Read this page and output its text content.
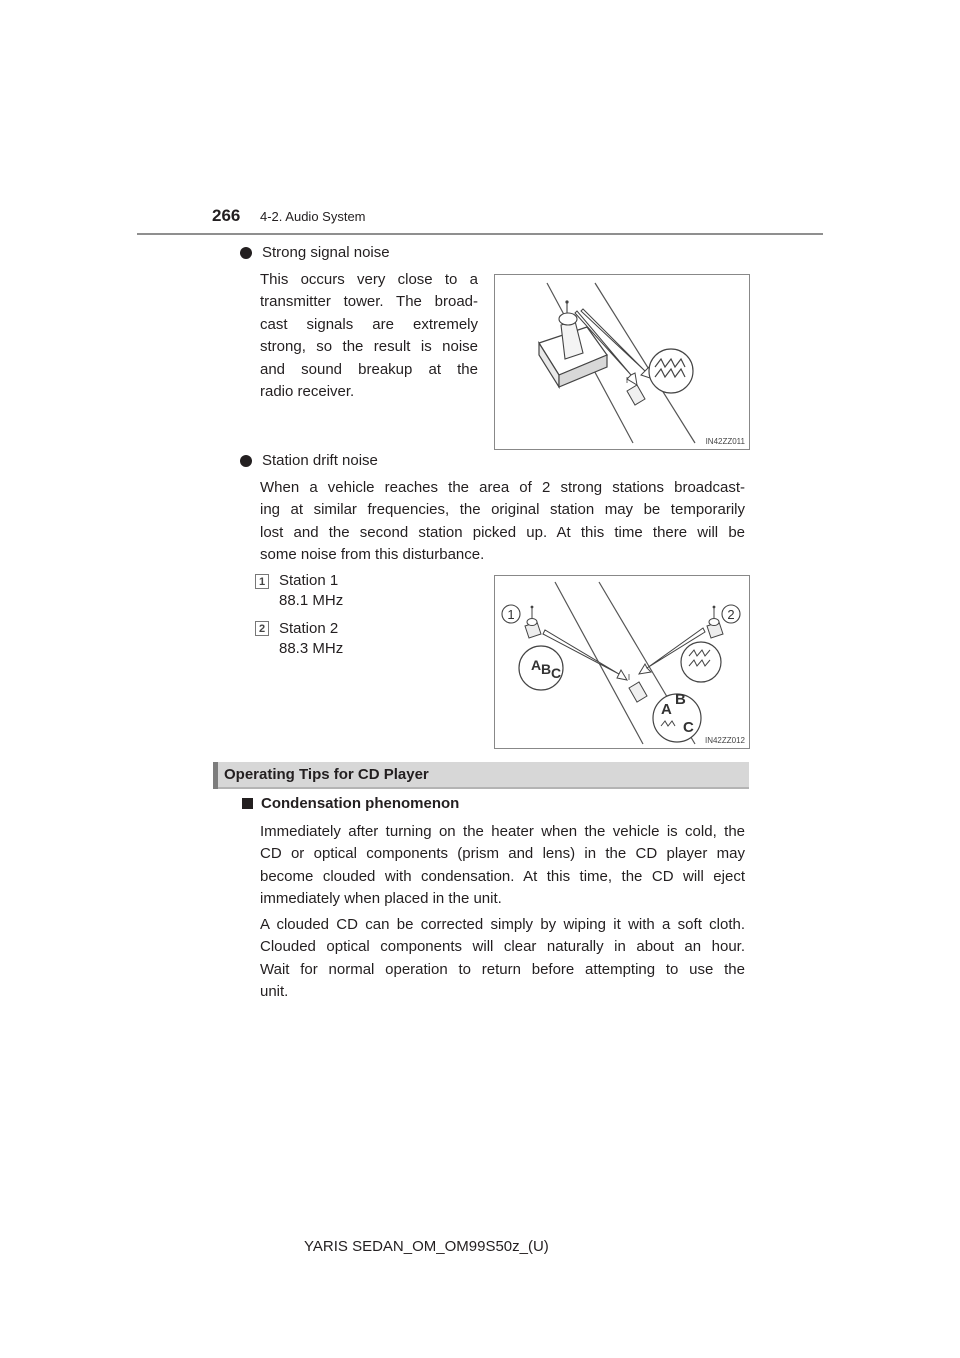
266 4-2. Audio System
Strong signal noise
This occurs very close to a
transmitter tower. The broad-
cast signals are extremely
strong, so the result is noise
and sound breakup at the
radio receiver.
IN42ZZ011
Station drift noise
When a vehicle reaches the area of 2 strong stations broadcast-
ing at similar frequencies, the original station may be temporarily
lost and the second station picked up. At this time there will be
some noise from this disturbance.
1 Station 1
88.1 MHz
2 Station 2
88.3 MHz
1	2
A B C
A
B
C
IN42ZZ012
Operating Tips for CD Player
Condensation phenomenon
Immediately after turning on the heater when the vehicle is cold, the
CD or optical components (prism and lens) in the CD player may
become clouded with condensation. At this time, the CD will eject
immediately when placed in the unit.
A clouded CD can be corrected simply by wiping it with a soft cloth.
Clouded optical components will clear naturally in about an hour.
Wait for normal operation to return before attempting to use the
unit.
YARIS SEDAN_OM_OM99S50z_(U)
